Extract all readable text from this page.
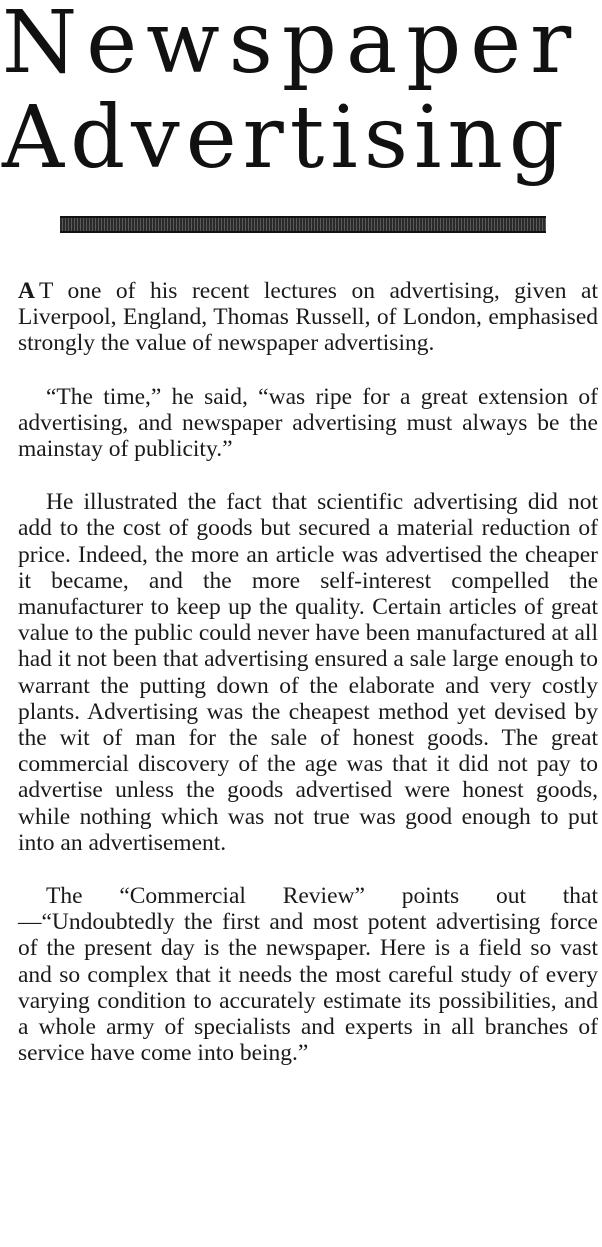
Newspaper
Advertising

A T one of his recent lectures on advertising, given at Liverpool, England, Thomas Russell, of London, emphasised strongly the value of newspaper advertising.

“The time,” he said, “was ripe for a great extension of advertising, and newspaper advertising must always be the mainstay of publicity.”

He illustrated the fact that scientific advertising did not add to the cost of goods but secured a material reduction of price. Indeed, the more an article was advertised the cheaper it became, and the more self-interest compelled the manufacturer to keep up the quality. Certain articles of great value to the public could never have been manufactured at all had it not been that advertising ensured a sale large enough to warrant the putting down of the elaborate and very costly plants. Advertising was the cheapest method yet devised by the wit of man for the sale of honest goods. The great commercial discovery of the age was that it did not pay to advertise unless the goods advertised were honest goods, while nothing which was not true was good enough to put into an advertisement.

The “Commercial Review” points out that—“Undoubtedly the first and most potent advertising force of the present day is the newspaper. Here is a field so vast and so complex that it needs the most careful study of every varying condition to accurately estimate its possibilities, and a whole army of specialists and experts in all branches of service have come into being.”
